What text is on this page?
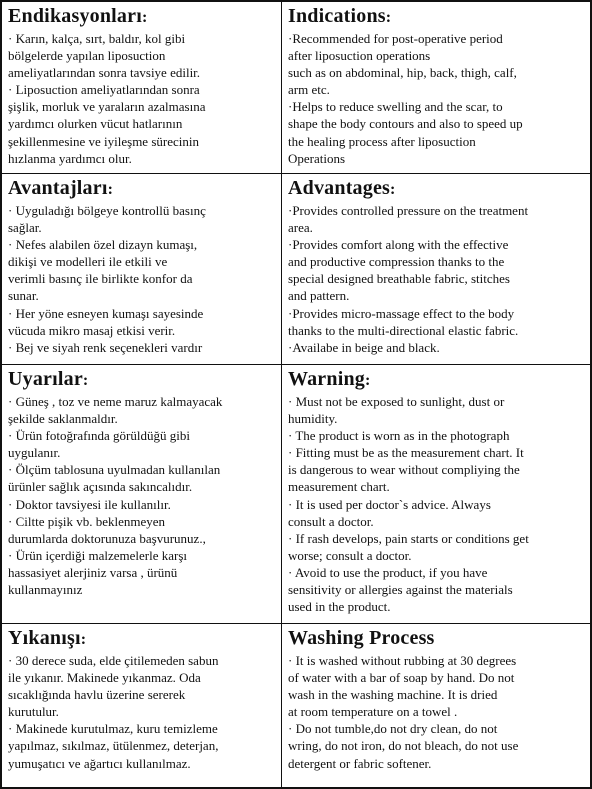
Endikasyonları:
· Karın, kalça, sırt, baldır, kol gibi
bölgelerde yapılan liposuction
ameliyatlarından sonra tavsiye edilir.
· Liposuction ameliyatlarından sonra
şişlik, morluk ve yaraların azalmasına
yardımcı olurken vücut hatlarının
şekillenmesine ve iyileşme sürecinin
hızlanma yardımcı olur.
Indications:
·Recommended for post-operative period
after liposuction operations
such as on abdominal, hip, back, thigh, calf,
arm etc.
·Helps to reduce swelling and the scar, to
shape the body contours and also to speed up
the healing process after liposuction
Operations
Avantajları:
· Uyguladığı bölgeye kontrollü basınç
sağlar.
· Nefes alabilen özel dizayn kumaşı,
dikişi ve modelleri ile etkili ve
verimli basınç ile birlikte konfor da
sunar.
· Her yöne esneyen kumaşı sayesinde
vücuda mikro masaj etkisi verir.
· Bej ve siyah renk seçenekleri vardır
Advantages:
·Provides controlled pressure on the treatment
area.
·Provides comfort along with the effective
and productive compression thanks to the
special designed breathable fabric, stitches
and pattern.
·Provides micro-massage effect to the body
thanks to the multi-directional elastic fabric.
·Availabe in beige and black.
Uyarılar:
· Güneş , toz ve neme maruz kalmayacak
şekilde saklanmaldır.
· Ürün fotoğrafında görüldüğü gibi
uygulanır.
· Ölçüm tablosuna uyulmadan kullanılan
ürünler sağlık açısında sakıncalıdır.
· Doktor tavsiyesi ile kullanılır.
· Ciltte pişik vb. beklenmeyen
durumlarda doktorunuza başvurunuz.,
· Ürün içerdiği malzemelerle karşı
hassasiyet alerjiniz varsa , ürünü
kullanmayınız
Warning:
· Must not be exposed to sunlight, dust or
humidity.
· The product is worn as in the photograph
· Fitting must be as the measurement chart. It
is dangerous to wear without compliying the
measurement chart.
· It is used per doctor`s advice. Always
consult a doctor.
· If rash develops, pain starts or conditions get
worse; consult a doctor.
· Avoid to use the product, if you have
sensitivity or allergies against the materials
used in the product.
Yıkanışı:
· 30 derece suda, elde çitilemeden sabun
ile yıkanır. Makinede yıkanmaz. Oda
sıcaklığında havlu üzerine sererek
kurutulur.
· Makinede kurutulmaz, kuru temizleme
yapılmaz, sıkılmaz, ütülenmez, deterjan,
yumuşatıcı ve ağartıcı kullanılmaz.
Washing Process
· It is washed without rubbing at 30 degrees
of water with a bar of soap by hand. Do not
wash in the washing machine. It is dried
at room temperature on a towel .
· Do not tumble,do not dry clean, do not
wring, do not iron, do not bleach, do not use
detergent or fabric softener.
